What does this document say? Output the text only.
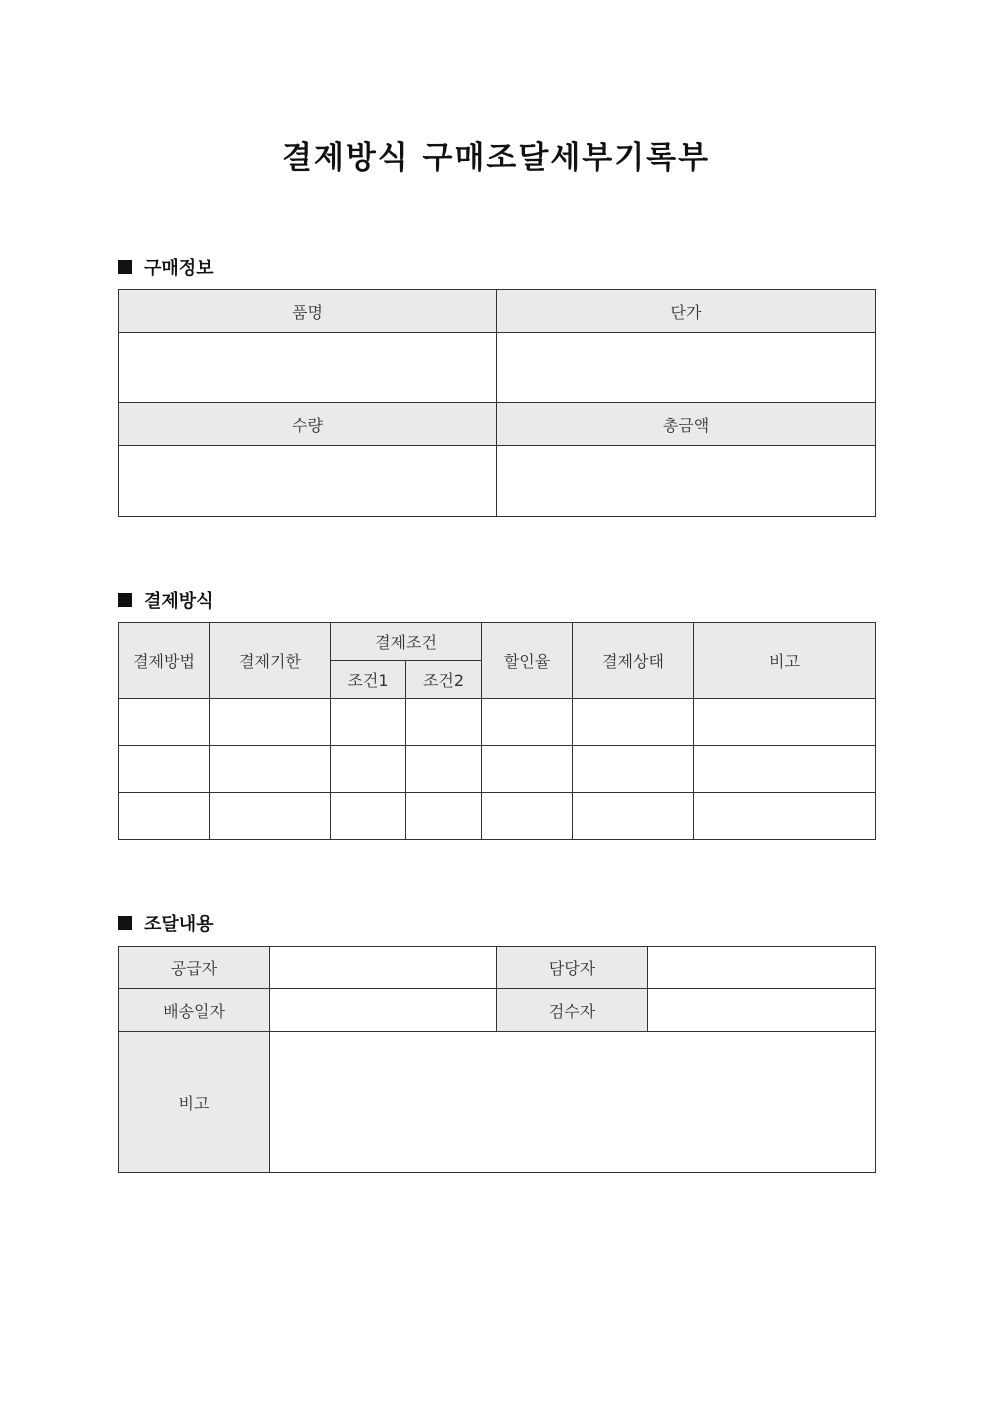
결제방식 구매조달세부기록부
구매정보
품명	단가

수량	총금액

결제방식
결제방법	결제기한	결제조건		할인율	결제상태	비고
		조건1	조건2			

조달내용
공급자		담당자	
배송일자		검수자	
비고			
